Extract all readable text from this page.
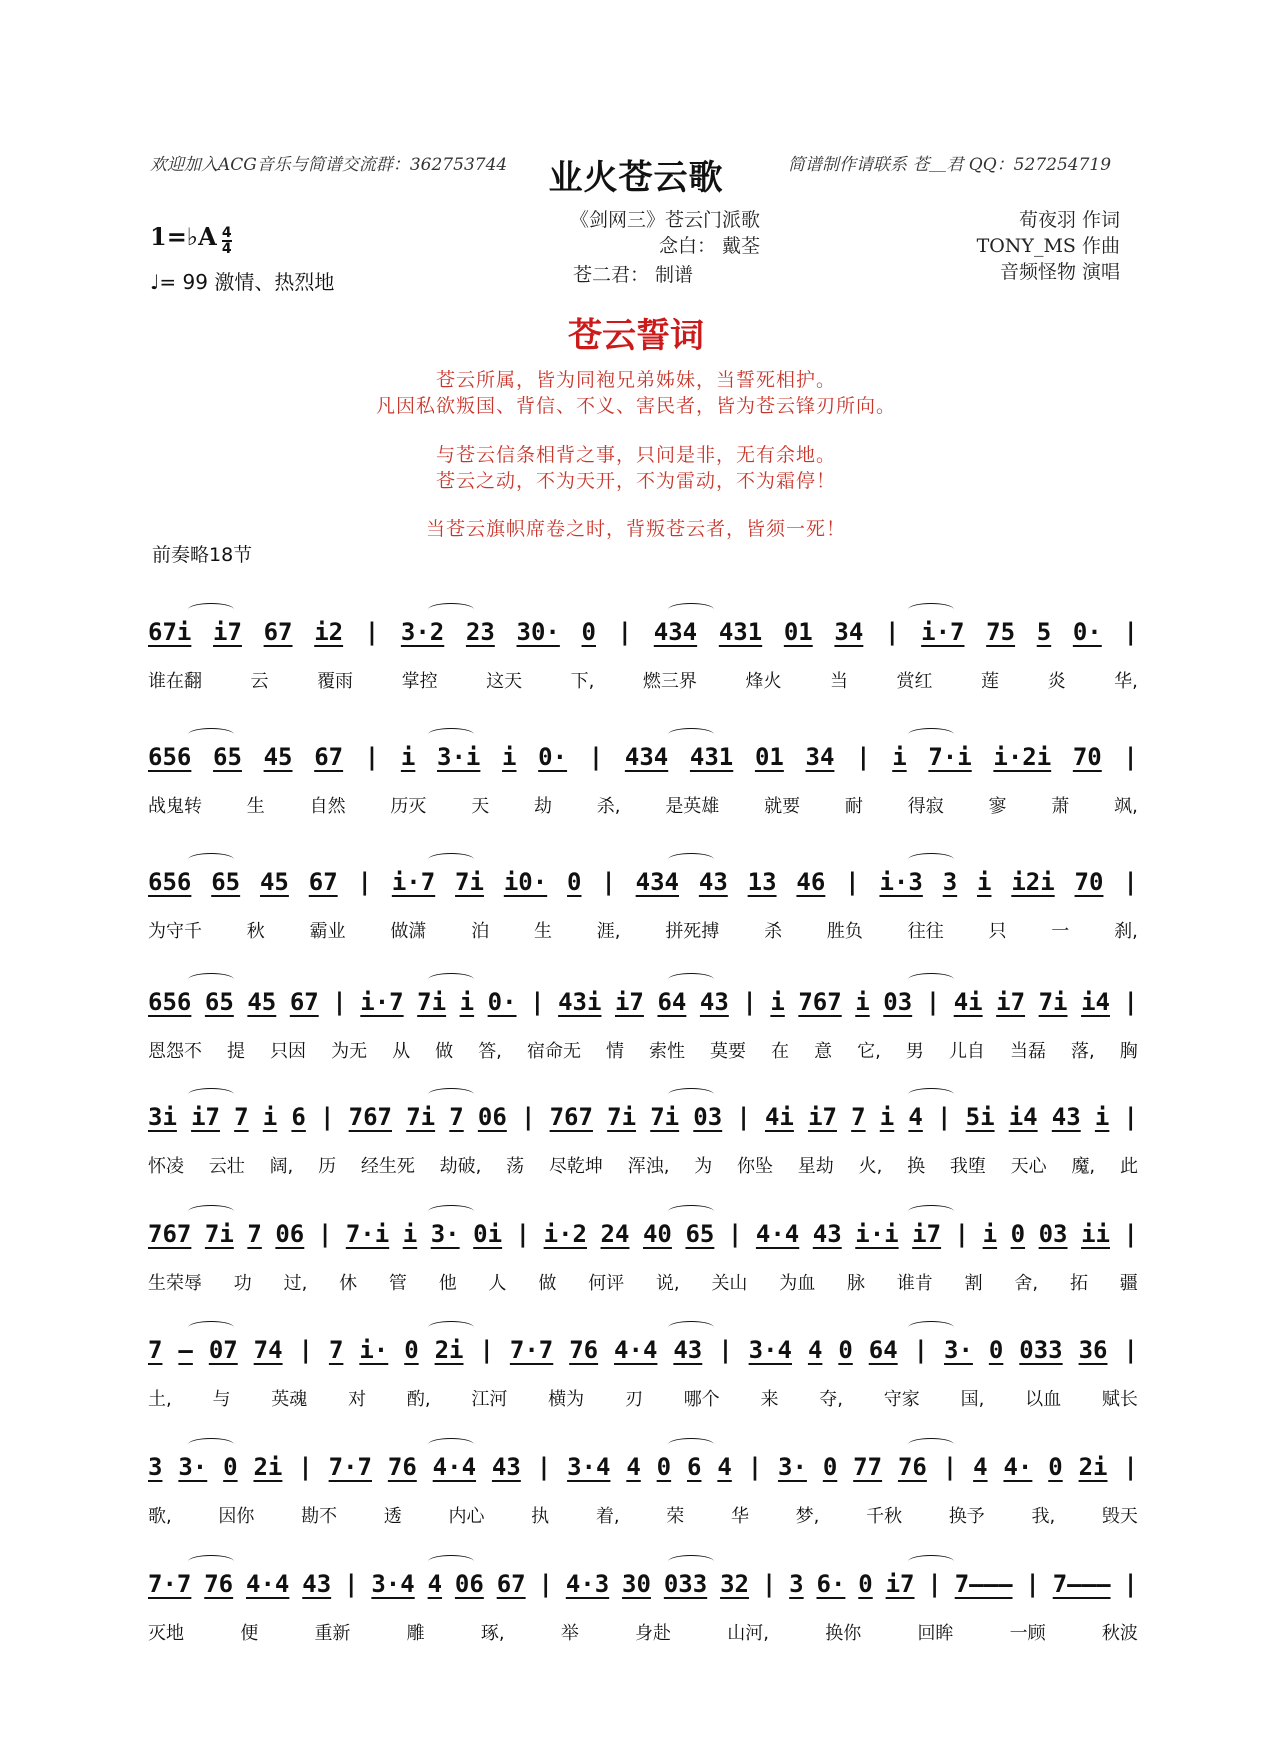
欢迎加入ACG音乐与简谱交流群：362753744	简谱制作请联系 苍＿君 QQ：527254719
业火苍云歌
1=♭A $\frac{4}{4}$
♩= 99 激情、热烈地
《剑网三》苍云门派歌
念白： 戴荃
苍二君： 制谱
荀夜羽 作词
TONY_MS 作曲
音频怪物 演唱
苍云誓词
苍云所属，皆为同袍兄弟姊妹，当誓死相护。
凡因私欲叛国、背信、不义、害民者，皆为苍云锋刃所向。
与苍云信条相背之事，只问是非，无有余地。
苍云之动，不为天开，不为雷动，不为霜停！
当苍云旗帜席卷之时，背叛苍云者，皆须一死！
前奏略18节
67i i7 67 i2 | 3·2 23 30· 0 | 434 431 01 34 | i·7 75 5 0· |
谁在翻	云	覆雨	掌控	这天	下,	燃三界	烽火	当	赏红	莲	炎	华,
656 65 45 67 | i 3·i i 0· | 434 431 01 34 | i 7·i i·2i 70 |
战鬼转 生 自然 历灭 天 劫 杀, 是英雄 就要 耐 得寂 寥 萧 飒,
656 65 45 67 | i·7 7i i0· 0 | 434 43 13 46 | i·3 3 i i2i 70 |
为守千 秋 霸业 做潇 泊 生 涯, 拼死搏 杀 胜负 往往 只 一 刹,
656 65 45 67 | i·7 7i i 0· | 43i i7 64 43 | i 767 i 03 | 4i i7 7i i4 |
恩怨不 提 只因 为无 从 做 答, 宿命无 情 索性 莫要 在 意 它, 男 儿自 当磊 落, 胸
3i i7 7 i 6 | 767 7i 7 06 | 767 7i 7i 03 | 4i i7 7 i 4 | 5i i4 43 i |
怀凌 云壮 阔, 历 经生死 劫破, 荡 尽乾坤 浑浊, 为 你坠 星劫 火, 换 我堕 天心 魔, 此
767 7i 7 06 | 7·i i 3· 0i | i·2 24 40 65 | 4·4 43 i·i i7 | i 0 03 ii |
生荣辱 功 过, 休 管 他 人 做 何评 说, 关山 为血 脉 谁肯 割 舍, 拓 疆
7 – 07 74 | 7 i· 0 2i | 7·7 76 4·4 43 | 3·4 4 0 64 | 3· 0 033 36 |
土, 与 英魂 对 酌, 江河 横为 刃 哪个 来 夺, 守家 国, 以血 赋长
3 3· 0 2i | 7·7 76 4·4 43 | 3·4 4 0 6 4 | 3· 0 77 76 | 4 4· 0 2i |
歌,	因你	勘不	透	内心	执	着,	荣	华	梦,	千秋	换予	我,	毁天
7·7 76 4·4 43 | 3·4 4 06 67 | 4·3 30 033 32 | 3 6· 0 i7 | 7––– | 7––– |
灭地	便	重新	雕	琢,	举	身赴	山河,	换你	回眸	一顾	秋波
